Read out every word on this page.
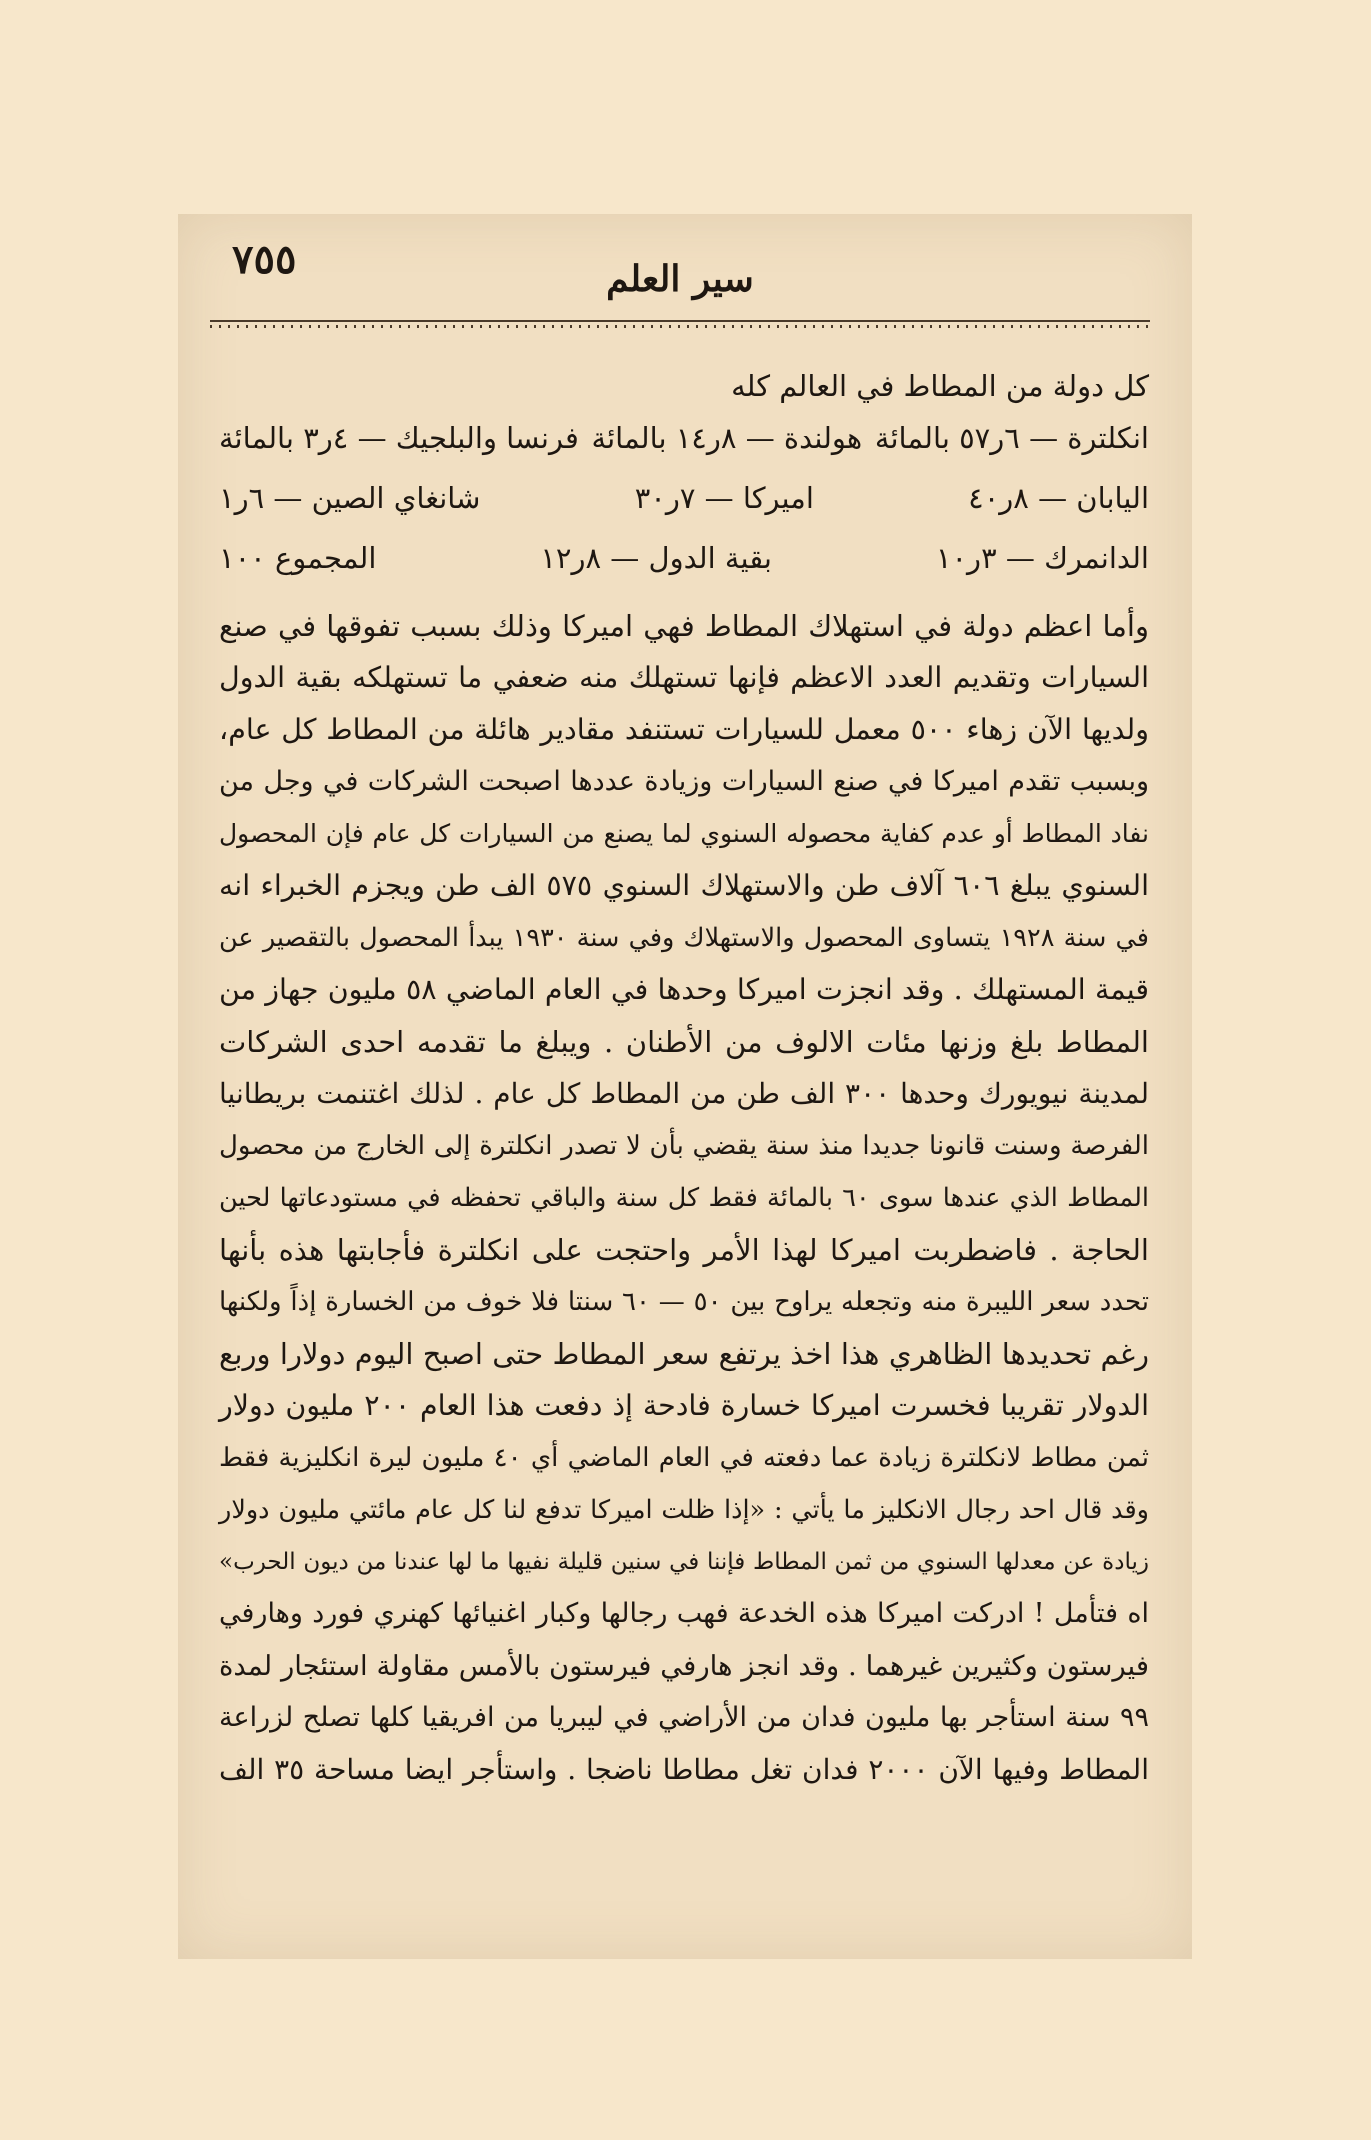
٧٥٥	سير العلم
كل دولة من المطاط في العالم كله
انكلترة — ٦ر٥٧ بالمائة
هولندة — ٨ر١٤ بالمائة
فرنسا والبلجيك — ٤ر٣ بالمائة
اليابان — ٨ر٤٠
اميركا — ٧ر٣٠
شانغاي الصين — ٦ر١
الدانمرك — ٣ر١٠
بقية الدول — ٨ر١٢
المجموع ١٠٠
وأما اعظم دولة في استهلاك المطاط فهي اميركا وذلك بسبب تفوقها في صنع
السيارات وتقديم العدد الاعظم فإنها تستهلك منه ضعفي ما تستهلكه بقية الدول
ولديها الآن زهاء ٥٠٠ معمل للسيارات تستنفد مقادير هائلة من المطاط كل عام،
وبسبب تقدم اميركا في صنع السيارات وزيادة عددها اصبحت الشركات في وجل من
نفاد المطاط أو عدم كفاية محصوله السنوي لما يصنع من السيارات كل عام فإن المحصول
السنوي يبلغ ٦٠٦ آلاف طن والاستهلاك السنوي ٥٧٥ الف طن ويجزم الخبراء انه
في سنة ١٩٢٨ يتساوى المحصول والاستهلاك وفي سنة ١٩٣٠ يبدأ المحصول بالتقصير عن
قيمة المستهلك . وقد انجزت اميركا وحدها في العام الماضي ٥٨ مليون جهاز من
المطاط بلغ وزنها مئات الالوف من الأطنان . ويبلغ ما تقدمه احدى الشركات
لمدينة نيويورك وحدها ٣٠٠ الف طن من المطاط كل عام . لذلك اغتنمت بريطانيا
الفرصة وسنت قانونا جديدا منذ سنة يقضي بأن لا تصدر انكلترة إلى الخارج من محصول
المطاط الذي عندها سوى ٦٠ بالمائة فقط كل سنة والباقي تحفظه في مستودعاتها لحين
الحاجة . فاضطربت اميركا لهذا الأمر واحتجت على انكلترة فأجابتها هذه بأنها
تحدد سعر الليبرة منه وتجعله يراوح بين ٥٠ — ٦٠ سنتا فلا خوف من الخسارة إذاً ولكنها
رغم تحديدها الظاهري هذا اخذ يرتفع سعر المطاط حتى اصبح اليوم دولارا وربع
الدولار تقريبا فخسرت اميركا خسارة فادحة إذ دفعت هذا العام ٢٠٠ مليون دولار
ثمن مطاط لانكلترة زيادة عما دفعته في العام الماضي أي ٤٠ مليون ليرة انكليزية فقط
وقد قال احد رجال الانكليز ما يأتي : «إذا ظلت اميركا تدفع لنا كل عام مائتي مليون دولار
زيادة عن معدلها السنوي من ثمن المطاط فإننا في سنين قليلة نفيها ما لها عندنا من ديون الحرب»
اه فتأمل ! ادركت اميركا هذه الخدعة فهب رجالها وكبار اغنيائها كهنري فورد وهارفي
فيرستون وكثيرين غيرهما . وقد انجز هارفي فيرستون بالأمس مقاولة استئجار لمدة
٩٩ سنة استأجر بها مليون فدان من الأراضي في ليبريا من افريقيا كلها تصلح لزراعة
المطاط وفيها الآن ٢٠٠٠ فدان تغل مطاطا ناضجا . واستأجر ايضا مساحة ٣٥ الف
